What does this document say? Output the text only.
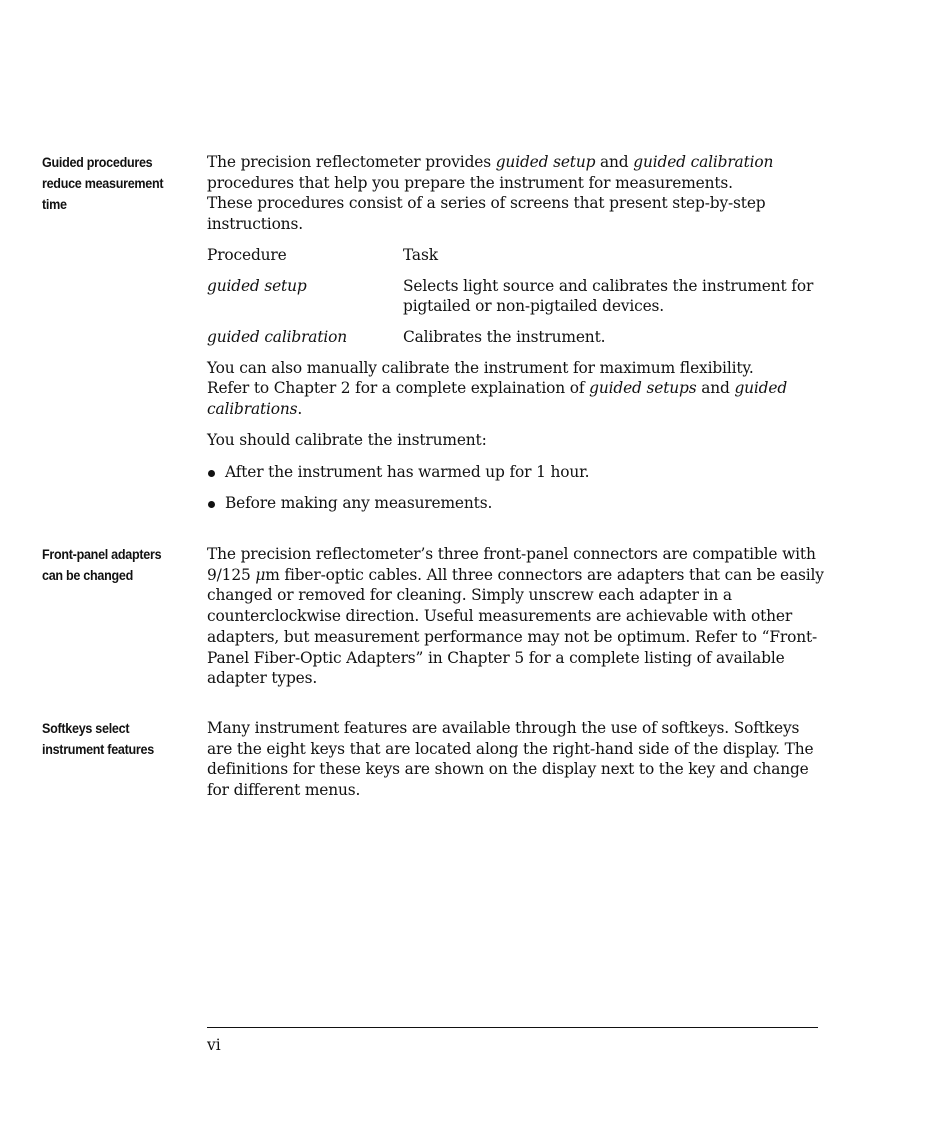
Guided procedures
reduce measurement
time

The precision reflectometer provides guided setup and guided calibration procedures that help you prepare the instrument for measurements.

These procedures consist of a series of screens that present step-by-step instructions.

Procedure	Task
guided setup	Selects light source and calibrates the instrument for pigtailed or non-pigtailed devices.
guided calibration	Calibrates the instrument.

You can also manually calibrate the instrument for maximum flexibility.

Refer to Chapter 2 for a complete explaination of guided setups and guided calibrations.

You should calibrate the instrument:

After the instrument has warmed up for 1 hour.
Before making any measurements.
Front-panel adapters
can be changed

The precision reflectometer’s three front-panel connectors are compatible with 9/125 μm fiber-optic cables. All three connectors are adapters that can be easily changed or removed for cleaning. Simply unscrew each adapter in a counterclockwise direction. Useful measurements are achievable with other adapters, but measurement performance may not be optimum. Refer to “Front-Panel Fiber-Optic Adapters” in Chapter 5 for a complete listing of available adapter types.

Softkeys select
instrument features

Many instrument features are available through the use of softkeys. Softkeys are the eight keys that are located along the right-hand side of the display. The definitions for these keys are shown on the display next to the key and change for different menus.

vi
